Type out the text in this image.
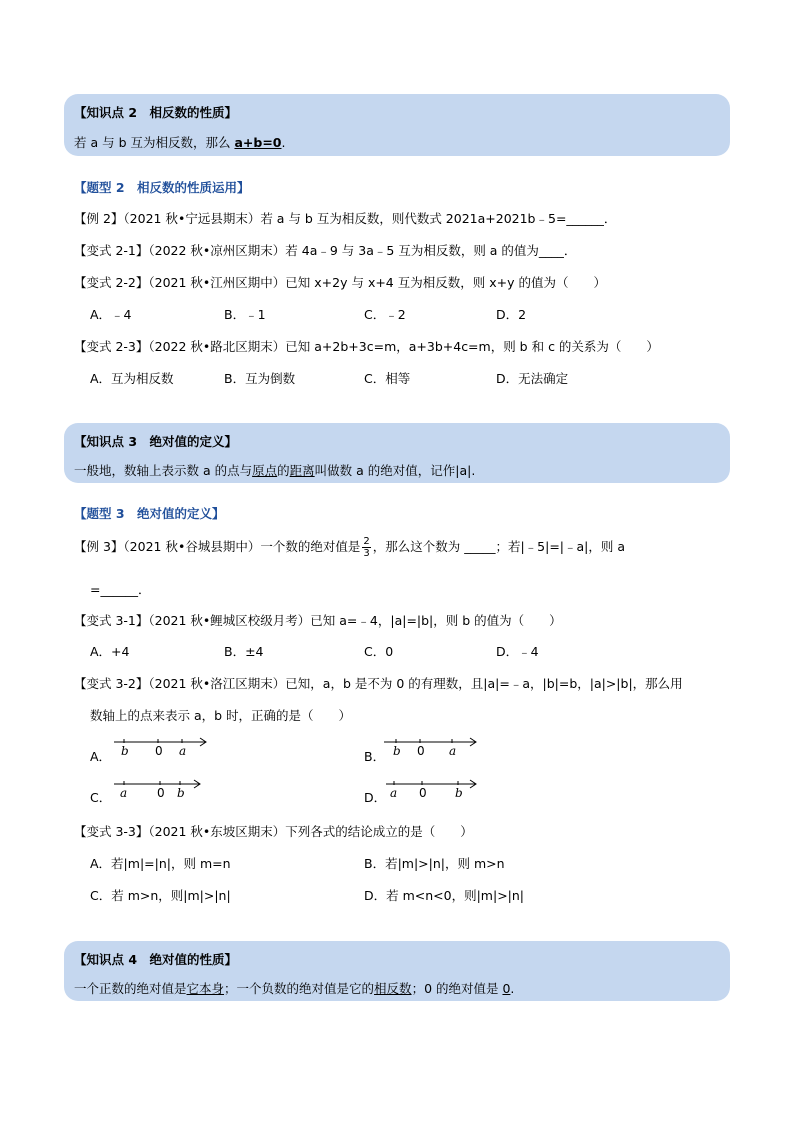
【知识点 2　相反数的性质】
若 a 与 b 互为相反数，那么 a+b=0.
【题型 2　相反数的性质运用】
【例 2】（2021 秋•宁远县期末）若 a 与 b 互为相反数，则代数式 2021a+2021b﹣5=______．
【变式 2-1】（2022 秋•凉州区期末）若 4a﹣9 与 3a﹣5 互为相反数，则 a 的值为____．
【变式 2-2】（2021 秋•江州区期中）已知 x+2y 与 x+4 互为相反数，则 x+y 的值为（　　）
A．﹣4	B．﹣1	C．﹣2	D．2
【变式 2-3】（2022 秋•路北区期末）已知 a+2b+3c=m，a+3b+4c=m，则 b 和 c 的关系为（　　）
A．互为相反数	B．互为倒数	C．相等	D．无法确定
【知识点 3　绝对值的定义】
一般地，数轴上表示数 a 的点与原点的距离叫做数 a 的绝对值，记作|a|.
【题型 3　绝对值的定义】
【例 3】（2021 秋•谷城县期中）一个数的绝对值是 $\frac{2}{3}$ ，那么这个数为 _____；若|﹣5|=|﹣a|，则 a
=______．
【变式 3-1】（2021 秋•鲤城区校级月考）已知 a=﹣4，|a|=|b|，则 b 的值为（　　）
A．+4	B．±4	C．0	D．﹣4
【变式 3-2】（2021 秋•洛江区期末）已知，a，b 是不为 0 的有理数，且|a|=﹣a，|b|=b，|a|>|b|，那么用
数轴上的点来表示 a，b 时，正确的是（　　）
A． b 0 a	B． b 0 a
C． a 0 b	D． a 0 b
【变式 3-3】（2021 秋•东坡区期末）下列各式的结论成立的是（　　）
A．若|m|=|n|，则 m=n	B．若|m|>|n|，则 m>n
C．若 m>n，则|m|>|n|	D．若 m<n<0，则|m|>|n|
【知识点 4　绝对值的性质】
一个正数的绝对值是它本身；一个负数的绝对值是它的相反数；0 的绝对值是 0.
